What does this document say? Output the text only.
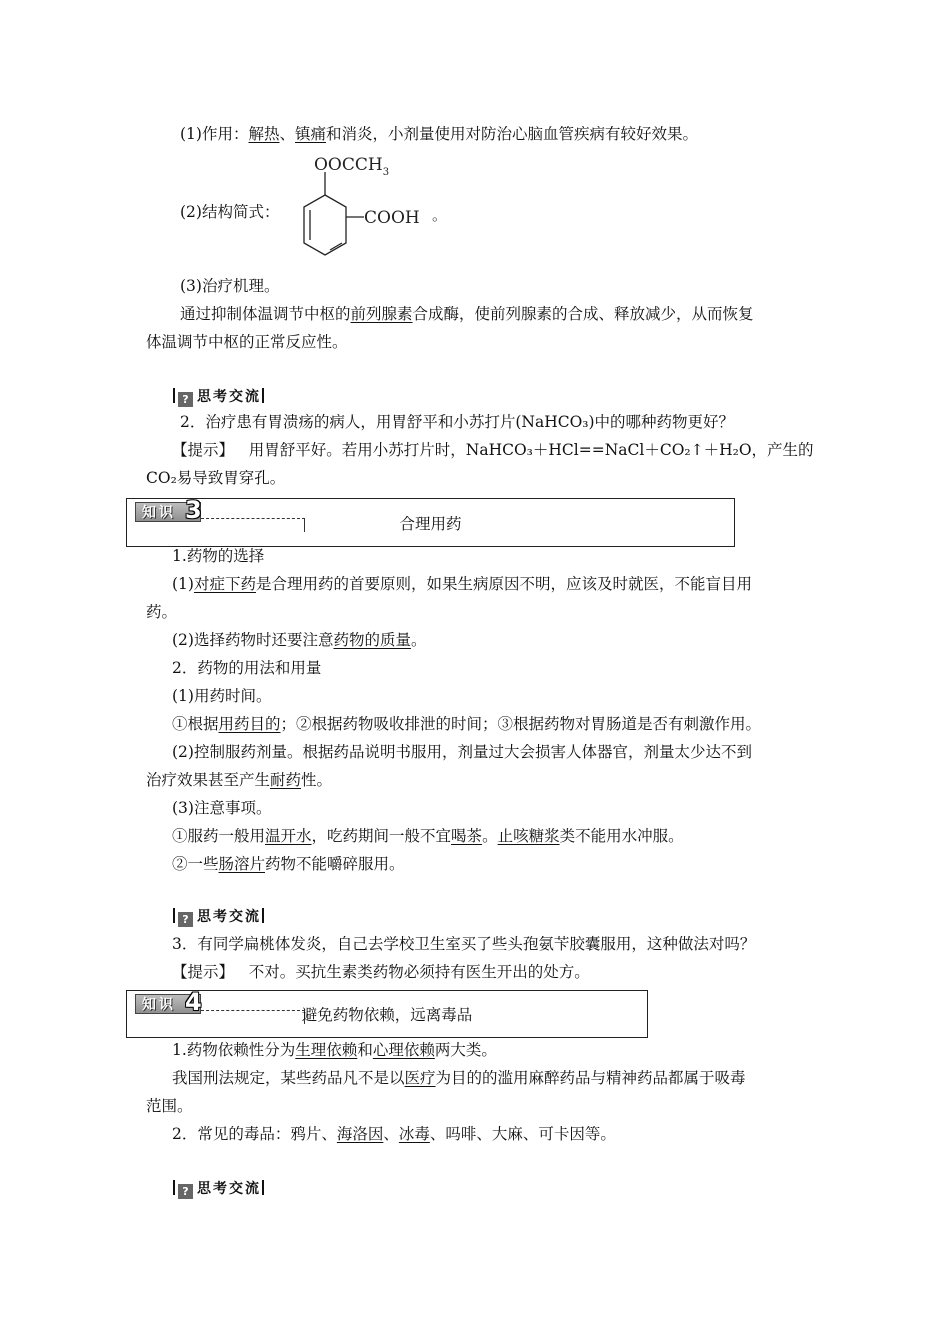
(1)作用：解热、镇痛和消炎，小剂量使用对防治心脑血管疾病有较好效果。
(2)结构简式：
$OOCCH_3$
COOH 。
(3)治疗机理。
通过抑制体温调节中枢的前列腺素合成酶，使前列腺素的合成、释放减少，从而恢复
体温调节中枢的正常反应性。
? 思考交流
2．治疗患有胃溃疡的病人，用胃舒平和小苏打片(NaHCO₃)中的哪种药物更好？
【提示】 用胃舒平好。若用小苏打片时，NaHCO₃＋HCl==NaCl＋CO₂↑＋H₂O，产生的
CO₂易导致胃穿孔。
知识 3	合理用药
1.药物的选择
(1)对症下药是合理用药的首要原则，如果生病原因不明，应该及时就医，不能盲目用
药。
(2)选择药物时还要注意药物的质量。
2．药物的用法和用量
(1)用药时间。
①根据用药目的；②根据药物吸收排泄的时间；③根据药物对胃肠道是否有刺激作用。
(2)控制服药剂量。根据药品说明书服用，剂量过大会损害人体器官，剂量太少达不到
治疗效果甚至产生耐药性。
(3)注意事项。
①服药一般用温开水，吃药期间一般不宜喝茶。止咳糖浆类不能用水冲服。
②一些肠溶片药物不能嚼碎服用。
? 思考交流
3．有同学扁桃体发炎，自己去学校卫生室买了些头孢氨苄胶囊服用，这种做法对吗？
【提示】 不对。买抗生素类药物必须持有医生开出的处方。
知识 4	避免药物依赖，远离毒品
1.药物依赖性分为生理依赖和心理依赖两大类。
我国刑法规定，某些药品凡不是以医疗为目的的滥用麻醉药品与精神药品都属于吸毒
范围。
2．常见的毒品：鸦片、海洛因、冰毒、吗啡、大麻、可卡因等。
? 思考交流
